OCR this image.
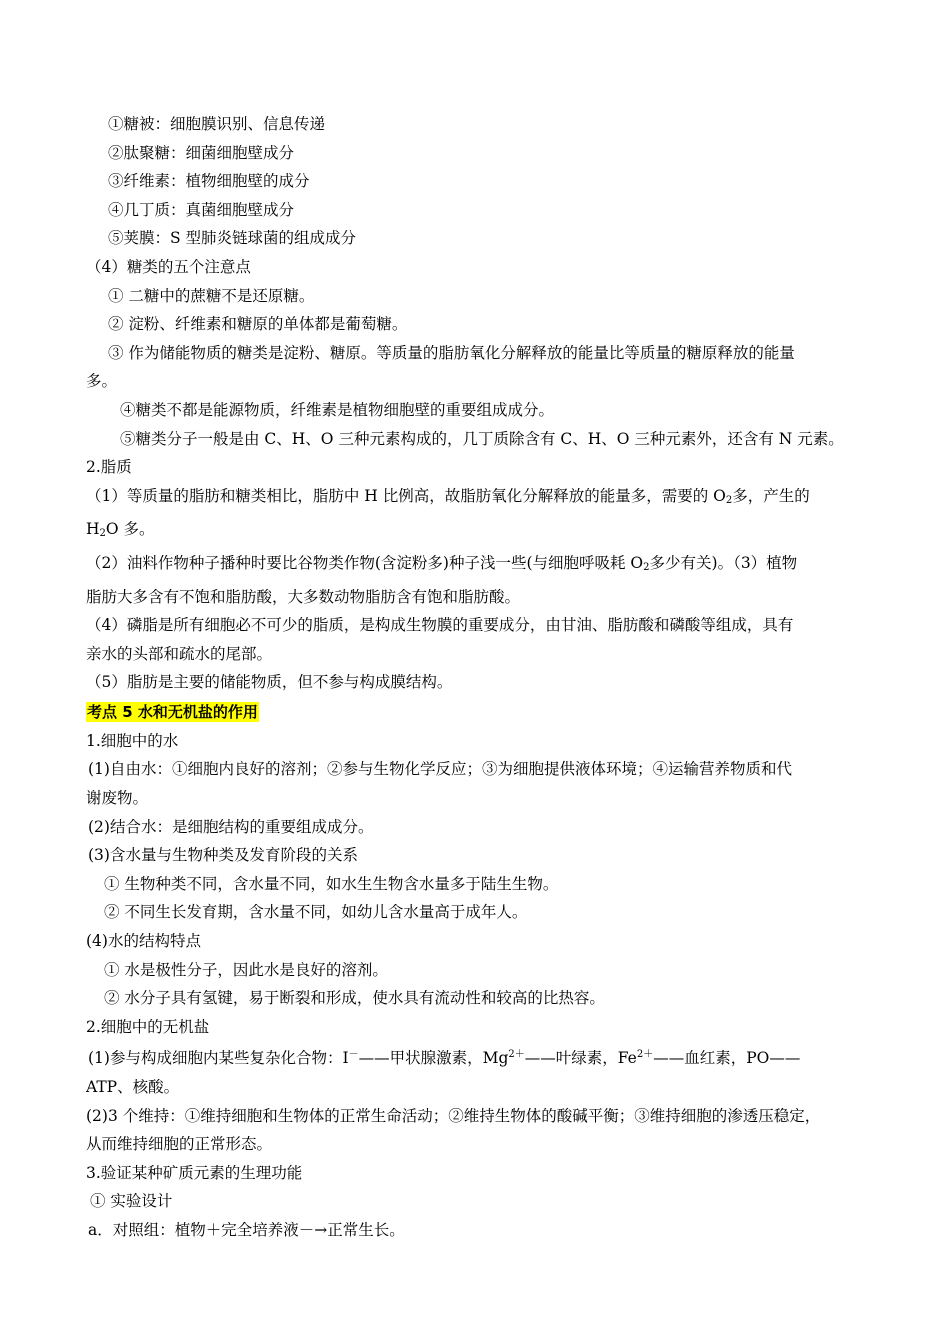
①糖被：细胞膜识别、信息传递
②肽聚糖：细菌细胞壁成分
③纤维素：植物细胞壁的成分
④几丁质：真菌细胞壁成分
⑤荚膜：S 型肺炎链球菌的组成成分
（4）糖类的五个注意点
① 二糖中的蔗糖不是还原糖。
② 淀粉、纤维素和糖原的单体都是葡萄糖。
③ 作为储能物质的糖类是淀粉、糖原。等质量的脂肪氧化分解释放的能量比等质量的糖原释放的能量
多。
④糖类不都是能源物质，纤维素是植物细胞壁的重要组成成分。
⑤糖类分子一般是由 C、H、O 三种元素构成的，几丁质除含有 C、H、O 三种元素外，还含有 N 元素。
2.脂质
（1）等质量的脂肪和糖类相比，脂肪中 H 比例高，故脂肪氧化分解释放的能量多，需要的 $O_2$多，产生的
$H_2O$ 多。
（2）油料作物种子播种时要比谷物类作物(含淀粉多)种子浅一些(与细胞呼吸耗 $O_2$多少有关)。（3）植物
脂肪大多含有不饱和脂肪酸，大多数动物脂肪含有饱和脂肪酸。
（4）磷脂是所有细胞必不可少的脂质，是构成生物膜的重要成分，由甘油、脂肪酸和磷酸等组成，具有
亲水的头部和疏水的尾部。
（5）脂肪是主要的储能物质，但不参与构成膜结构。
考点 5 水和无机盐的作用
1.细胞中的水
(1)自由水：①细胞内良好的溶剂；②参与生物化学反应；③为细胞提供液体环境；④运输营养物质和代
谢废物。
(2)结合水：是细胞结构的重要组成成分。
(3)含水量与生物种类及发育阶段的关系
① 生物种类不同，含水量不同，如水生生物含水量多于陆生生物。
② 不同生长发育期，含水量不同，如幼儿含水量高于成年人。
(4)水的结构特点
① 水是极性分子，因此水是良好的溶剂。
② 水分子具有氢键，易于断裂和形成，使水具有流动性和较高的比热容。
2.细胞中的无机盐
(1)参与构成细胞内某些复杂化合物：I－——甲状腺激素，$Mg^{2+}——$叶绿素，$Fe^{2+}——$血红素，PO——
ATP、核酸。
(2)3 个维持：①维持细胞和生物体的正常生命活动；②维持生物体的酸碱平衡；③维持细胞的渗透压稳定，
从而维持细胞的正常形态。
3.验证某种矿质元素的生理功能
① 实验设计
a．对照组：植物＋完全培养液－→正常生长。
